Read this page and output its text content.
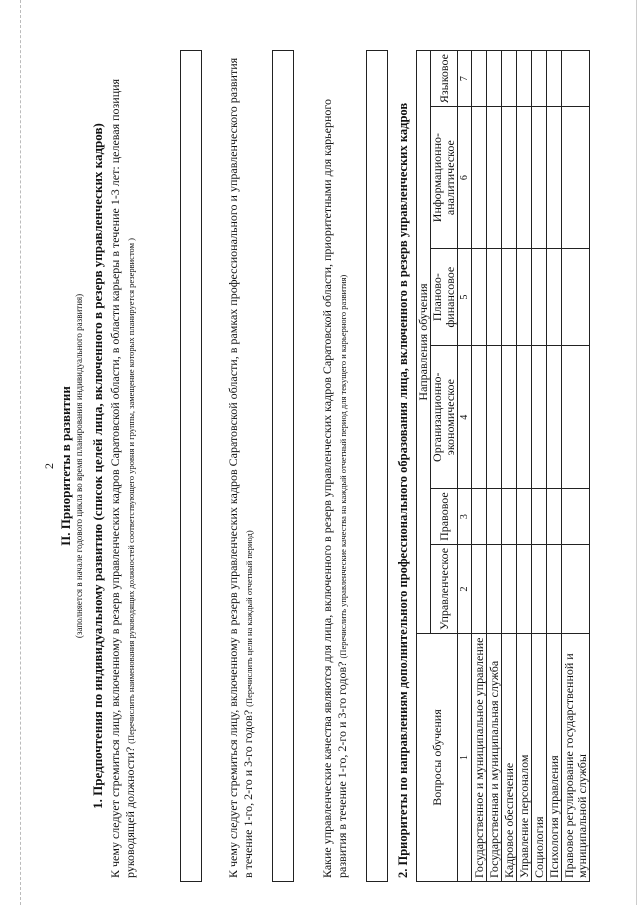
2 II. Приоритеты в развитии (заполняется в начале годового цикла во время планирования индивидуального развития) 1. Предпочтения по индивидуальному развитию (список целей лица, включенного в резерв управленческих кадров) К чему следует стремиться лицу, включенному в резерв управленческих кадров Саратовской области, в области карьеры в течение 1-3 лет: целевая позиция руководящей должности? (Перечислить наименования руководящих должностей соответствующего уровня и группы, замещение которых планируется резервистом )	К чему следует стремиться лицу, включенному в резерв управленческих кадров Саратовской области, в рамках профессионального и управленческого развития в течение 1-го, 2-го и 3-го годов? (Перечислить цели на каждый отчетный период)	Какие управленческие качества являются для лица, включенного в резерв управленческих кадров Саратовской области, приоритетными для карьерного развития в течение 1-го, 2-го и 3-го годов? (Перечислить управленческие качества на каждый отчетный период для текущего и карьерного развития)	2. Приоритеты по направлениям дополнительного профессионального образования лица, включенного в резерв управленческих кадров Вопросы обучения	Направления обучения					
	Управленческое	Правовое	Организационно-экономическое	Планово-финансовое	Информационно-аналитическое	Языковое
1	2	3	4	5	6	7
Государственное и муниципальное управление						
Государственная и муниципальная служба						
Кадровое обеспечение						
Управление персоналом						
Социология						
Психология управления						
Правовое регулирование государственной и муниципальной службы						
